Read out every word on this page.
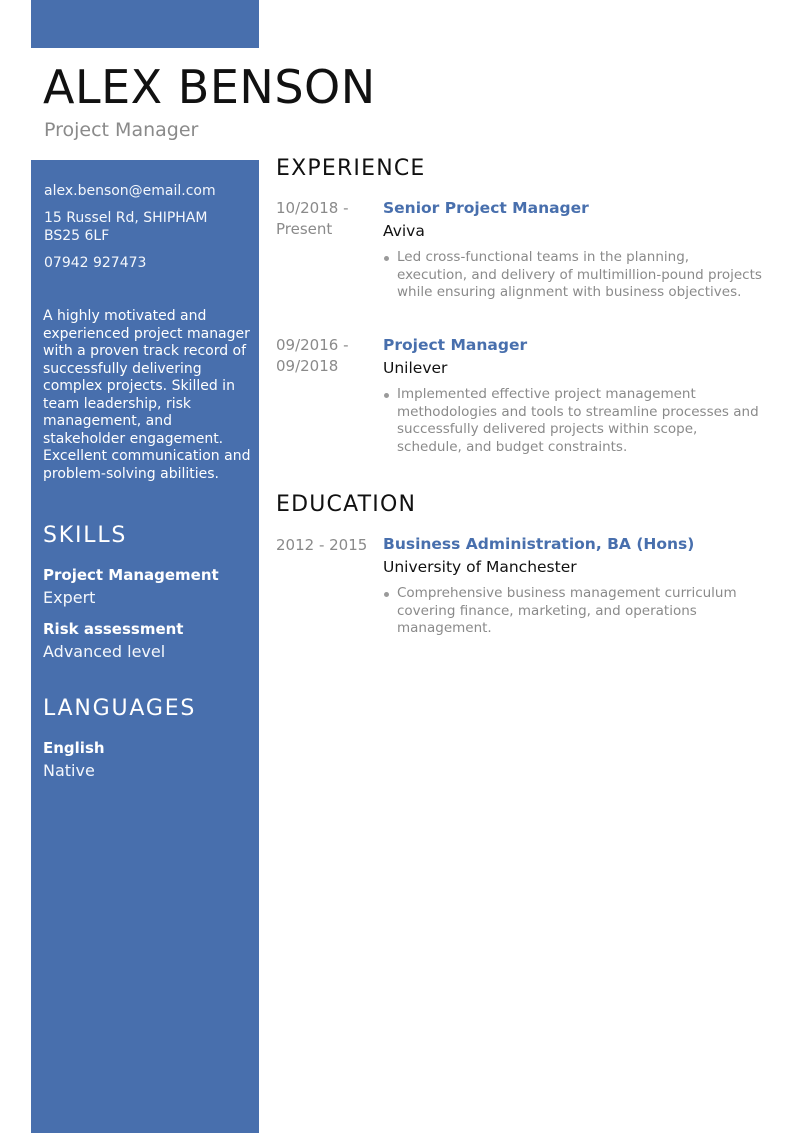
ALEX BENSON
Project Manager
alex.benson@email.com
15 Russel Rd, SHIPHAM
BS25 6LF
07942 927473
A highly motivated and experienced project manager with a proven track record of successfully delivering complex projects. Skilled in team leadership, risk management, and stakeholder engagement. Excellent communication and problem-solving abilities.
SKILLS
Project Management
Expert
Risk assessment
Advanced level
LANGUAGES
English
Native
EXPERIENCE
10/2018 -
Present
Senior Project Manager
Aviva
Led cross-functional teams in the planning, execution, and delivery of multimillion-pound projects while ensuring alignment with business objectives.
09/2016 -
09/2018
Project Manager
Unilever
Implemented effective project management methodologies and tools to streamline processes and successfully delivered projects within scope, schedule, and budget constraints.
EDUCATION
2012 - 2015 Business Administration, BA (Hons)
University of Manchester
Comprehensive business management curriculum covering finance, marketing, and operations management.
